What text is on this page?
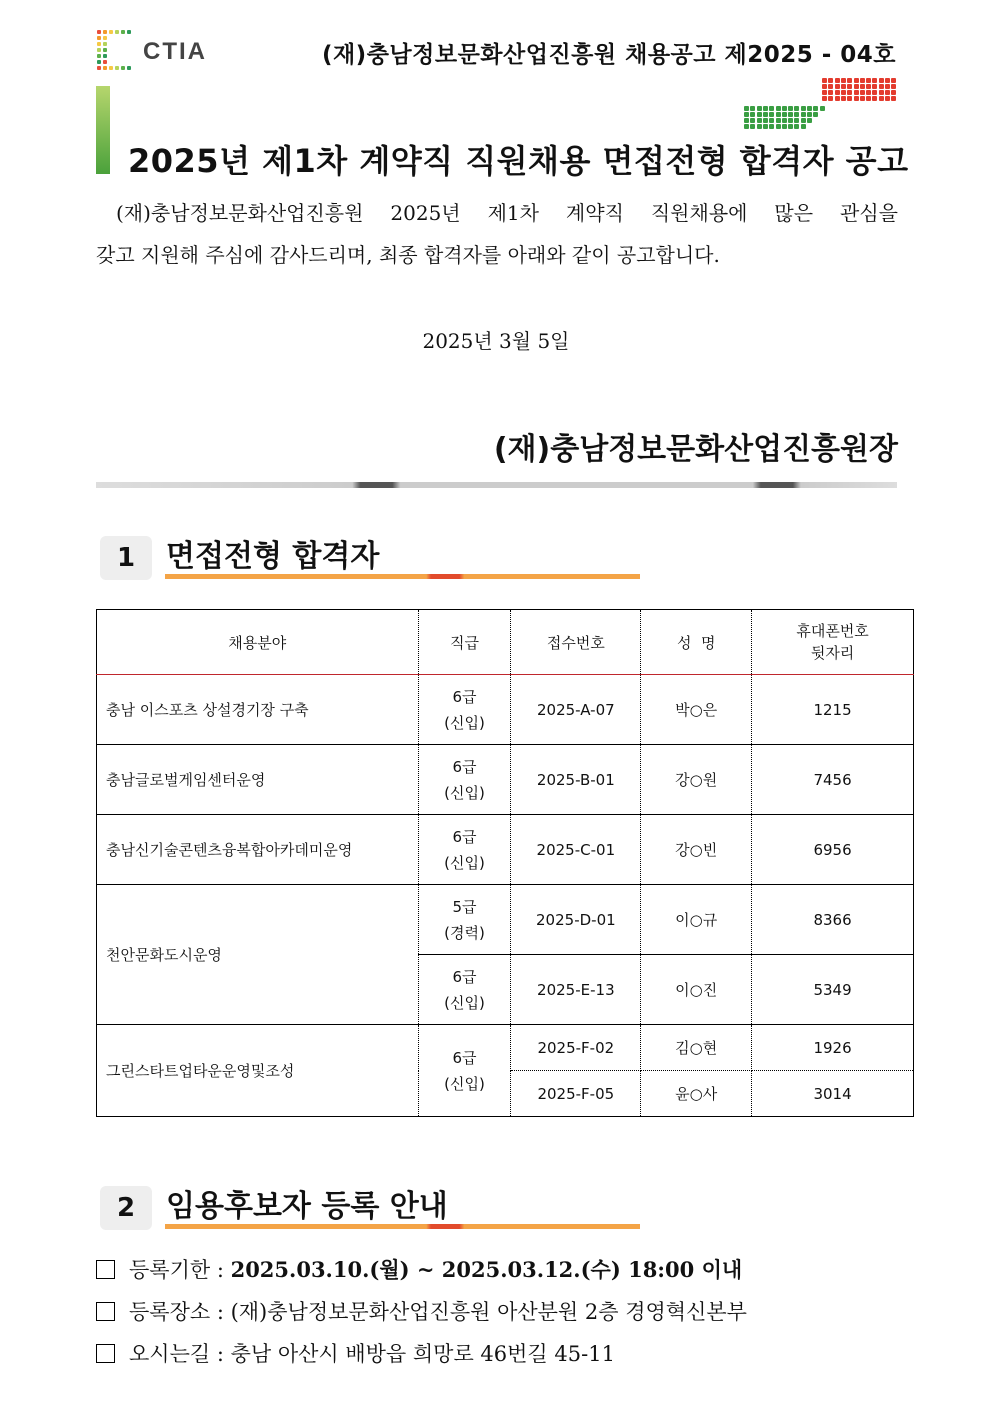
CTIA	(재)충남정보문화산업진흥원 채용공고 제2025 - 04호
2025년 제1차 계약직 직원채용 면접전형 합격자 공고
(재)충남정보문화산업진흥원 2025년 제1차 계약직 직원채용에 많은 관심을
갖고 지원해 주심에 감사드리며, 최종 합격자를 아래와 같이 공고합니다.
2025년 3월 5일
(재)충남정보문화산업진흥원장
1	면접전형 합격자
채용분야	직급	접수번호	성  명	휴대폰번호
뒷자리
충남 이스포츠 상설경기장 구축	6급
(신입)	2025-A-07	박○은	1215
충남글로벌게임센터운영	6급
(신입)	2025-B-01	강○원	7456
충남신기술콘텐츠융복합아카데미운영	6급
(신입)	2025-C-01	강○빈	6956
천안문화도시운영	5급
(경력)	2025-D-01	이○규	8366
	6급
(신입)	2025-E-13	이○진	5349
그린스타트업타운운영및조성	6급
(신입)	2025-F-02	김○현	1926
		2025-F-05	윤○사	3014
2	임용후보자 등록 안내
등록기한 : 2025.03.10.(월) ~ 2025.03.12.(수) 18:00 이내
등록장소 : (재)충남정보문화산업진흥원 아산분원 2층 경영혁신본부
오시는길 : 충남 아산시 배방읍 희망로 46번길 45-11
